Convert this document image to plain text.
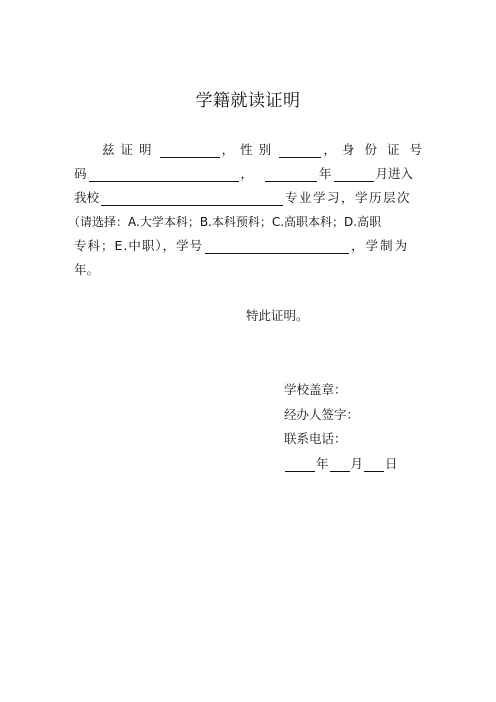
学籍就读证明
兹证明	， 性别	， 身份证号
码	，	年	月进入
我校	专业学习，学历层次
（请选择：A.大学本科；B.本科预科；C.高职本科；D.高职
专科；E.中职），学号	，学制为
年。
特此证明。
学校盖章：
经办人签字：
联系电话：
年 月 日
